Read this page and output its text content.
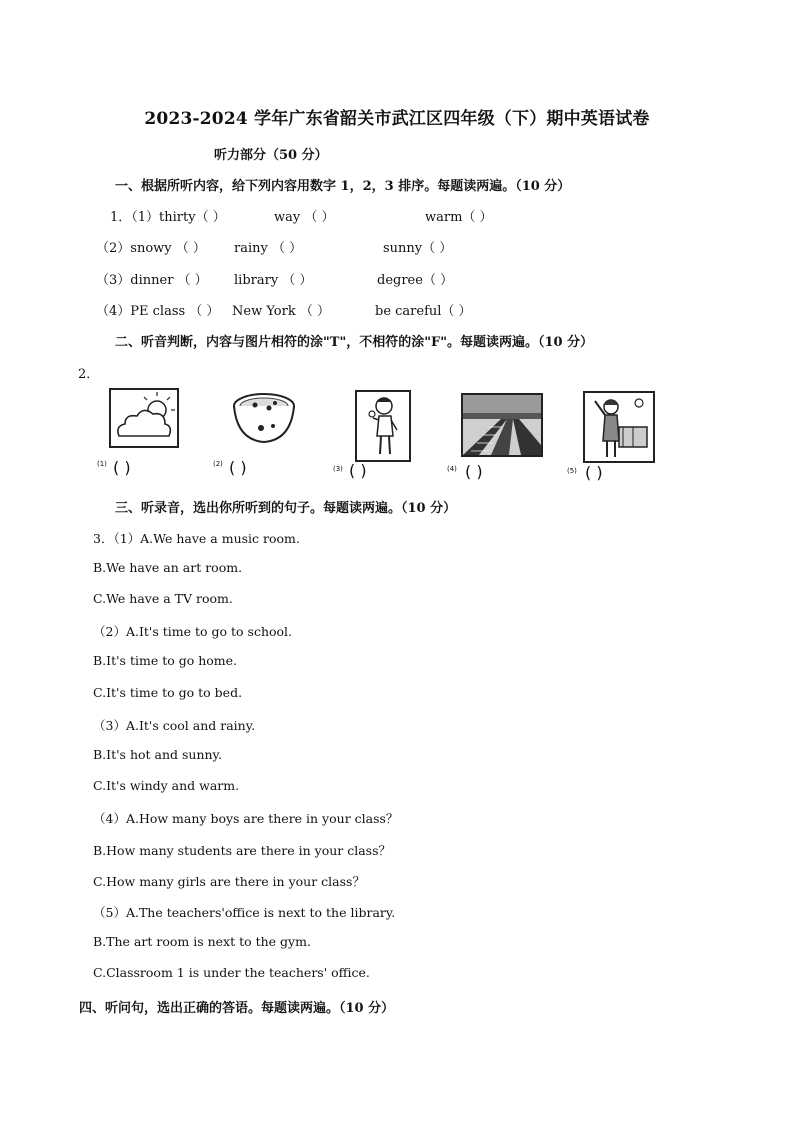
2023-2024 学年广东省韶关市武江区四年级（下）期中英语试卷
听力部分（50 分）
一、根据所听内容，给下列内容用数字 1，2，3 排序。每题读两遍。（10 分）
1．（1）thirty（ ）	way （ ）	warm（ ）
（2）snowy （ ） rainy （ ）	sunny（ ）
（3）dinner （ ） library （ ）	degree（ ）
（4）PE class （ ） New York （ ）	be careful（ ）
二、听音判断，内容与图片相符的涂"T"，不相符的涂"F"。每题读两遍。（10 分）
2．
(1) ( )	(2) ( )	(3) ( )	(4) ( )	(5) ( )
三、听录音，选出你所听到的句子。每题读两遍。（10 分）
3．（1）A.We have a music room.
B.We have an art room.
C.We have a TV room.
（2）A.It's time to go to school.
B.It's time to go home.
C.It's time to go to bed.
（3）A.It's cool and rainy.
B.It's hot and sunny.
C.It's windy and warm.
（4）A.How many boys are there in your class？
B.How many students are there in your class？
C.How many girls are there in your class？
（5）A.The teachers'office is next to the library.
B.The art room is next to the gym.
C.Classroom 1 is under the teachers' office.
四、听问句，选出正确的答语。每题读两遍。（10 分）
